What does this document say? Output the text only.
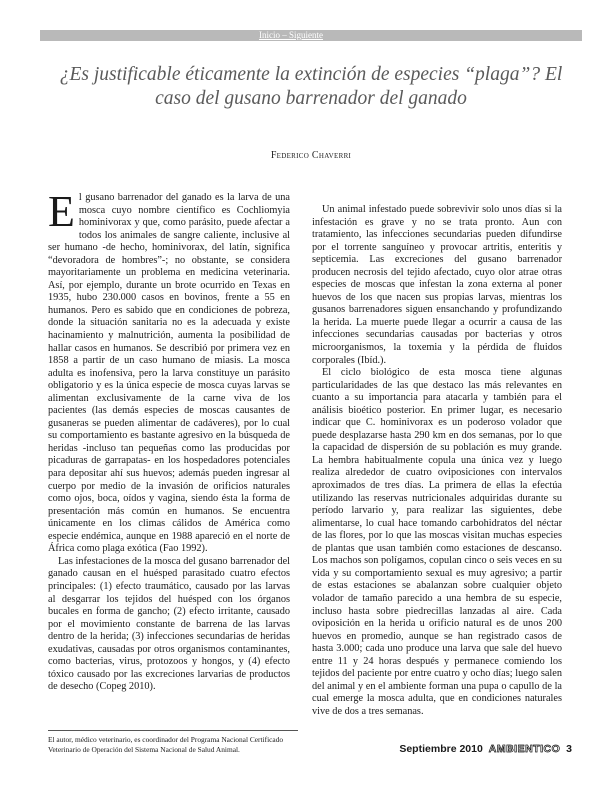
Inicio – Siguiente
¿Es justificable éticamente la extinción de especies “plaga”? El caso del gusano barrenador del ganado
Federico Chaverri

El gusano barrenador del ganado es la larva de una mosca cuyo nombre científico es Cochliomyia hominivorax y que, como parásito, puede afectar a todos los animales de sangre caliente, inclusive al ser humano -de hecho, hominivorax, del latín, significa “devoradora de hombres”-; no obstante, se considera mayoritariamente un problema en medicina veterinaria. Así, por ejemplo, durante un brote ocurrido en Texas en 1935, hubo 230.000 casos en bovinos, frente a 55 en humanos. Pero es sabido que en condiciones de pobreza, donde la situación sanitaria no es la adecuada y existe hacinamiento y malnutrición, aumenta la posibilidad de hallar casos en humanos. Se describió por primera vez en 1858 a partir de un caso humano de miasis. La mosca adulta es inofensiva, pero la larva constituye un parásito obligatorio y es la única especie de mosca cuyas larvas se alimentan exclusivamente de la carne viva de los pacientes (las demás especies de moscas causantes de gusaneras se pueden alimentar de cadáveres), por lo cual su comportamiento es bastante agresivo en la búsqueda de heridas -incluso tan pequeñas como las producidas por picaduras de garrapatas- en los hospedadores potenciales para depositar ahí sus huevos; además pueden ingresar al cuerpo por medio de la invasión de orificios naturales como ojos, boca, oídos y vagina, siendo ésta la forma de presentación más común en humanos. Se encuentra únicamente en los climas cálidos de América como especie endémica, aunque en 1988 apareció en el norte de África como plaga exótica (Fao 1992).

Las infestaciones de la mosca del gusano barrenador del ganado causan en el huésped parasitado cuatro efectos principales: (1) efecto traumático, causado por las larvas al desgarrar los tejidos del huésped con los órganos bucales en forma de gancho; (2) efecto irritante, causado por el movimiento constante de barrena de las larvas dentro de la herida; (3) infecciones secundarias de heridas exudativas, causadas por otros organismos contaminantes, como bacterias, virus, protozoos y hongos, y (4) efecto tóxico causado por las excreciones larvarias de productos de desecho (Copeg 2010).

Un animal infestado puede sobrevivir solo unos días si la infestación es grave y no se trata pronto. Aun con tratamiento, las infecciones secundarias pueden difundirse por el torrente sanguíneo y provocar artritis, enteritis y septicemia. Las excreciones del gusano barrenador producen necrosis del tejido afectado, cuyo olor atrae otras especies de moscas que infestan la zona externa al poner huevos de los que nacen sus propias larvas, mientras los gusanos barrenadores siguen ensanchando y profundizando la herida. La muerte puede llegar a ocurrir a causa de las infecciones secundarias causadas por bacterias y otros microorganismos, la toxemia y la pérdida de fluidos corporales (Ibíd.).

El ciclo biológico de esta mosca tiene algunas particularidades de las que destaco las más relevantes en cuanto a su importancia para atacarla y también para el análisis bioético posterior. En primer lugar, es necesario indicar que C. hominivorax es un poderoso volador que puede desplazarse hasta 290 km en dos semanas, por lo que la capacidad de dispersión de su población es muy grande. La hembra habitualmente copula una única vez y luego realiza alrededor de cuatro oviposiciones con intervalos aproximados de tres días. La primera de ellas la efectúa utilizando las reservas nutricionales adquiridas durante su período larvario y, para realizar las siguientes, debe alimentarse, lo cual hace tomando carbohidratos del néctar de las flores, por lo que las moscas visitan muchas especies de plantas que usan también como estaciones de descanso. Los machos son polígamos, copulan cinco o seis veces en su vida y su comportamiento sexual es muy agresivo; a partir de estas estaciones se abalanzan sobre cualquier objeto volador de tamaño parecido a una hembra de su especie, incluso hasta sobre piedrecillas lanzadas al aire. Cada oviposición en la herida u orificio natural es de unos 200 huevos en promedio, aunque se han registrado casos de hasta 3.000; cada uno produce una larva que sale del huevo entre 11 y 24 horas después y permanece comiendo los tejidos del paciente por entre cuatro y ocho días; luego salen del animal y en el ambiente forman una pupa o capullo de la cual emerge la mosca adulta, que en condiciones naturales vive de dos a tres semanas.

El autor, médico veterinario, es coordinador del Programa Nacional Certificado Veterinario de Operación del Sistema Nacional de Salud Animal.	Septiembre 2010 AMBIENTICO 3
